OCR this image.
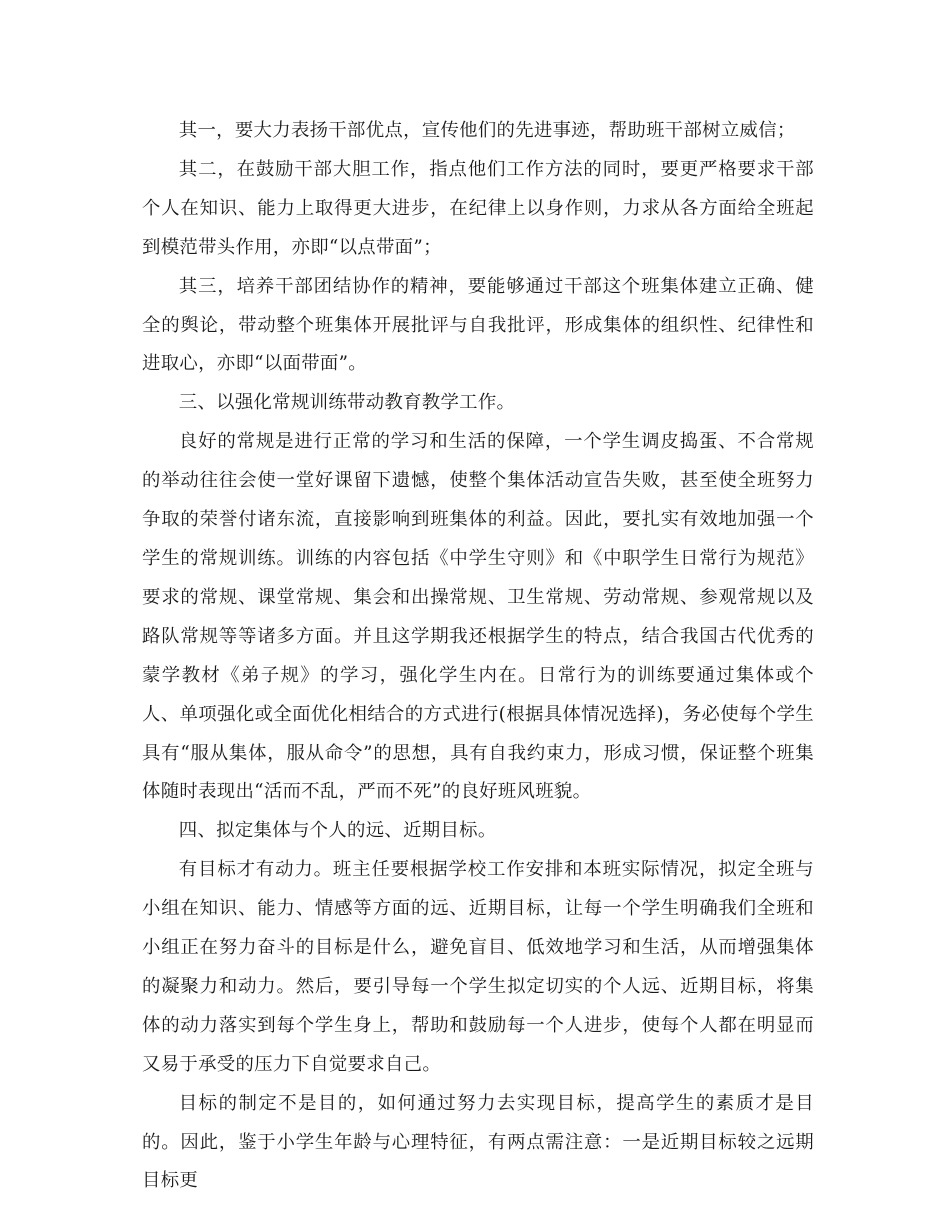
其一，要大力表扬干部优点，宣传他们的先进事迹，帮助班干部树立威信；

其二，在鼓励干部大胆工作，指点他们工作方法的同时，要更严格要求干部个人在知识、能力上取得更大进步，在纪律上以身作则，力求从各方面给全班起到模范带头作用，亦即“以点带面”；

其三，培养干部团结协作的精神，要能够通过干部这个班集体建立正确、健全的舆论，带动整个班集体开展批评与自我批评，形成集体的组织性、纪律性和进取心，亦即“以面带面”。

三、以强化常规训练带动教育教学工作。

良好的常规是进行正常的学习和生活的保障，一个学生调皮捣蛋、不合常规的举动往往会使一堂好课留下遗憾，使整个集体活动宣告失败，甚至使全班努力争取的荣誉付诸东流，直接影响到班集体的利益。因此，要扎实有效地加强一个学生的常规训练。训练的内容包括《中学生守则》和《中职学生日常行为规范》要求的常规、课堂常规、集会和出操常规、卫生常规、劳动常规、参观常规以及路队常规等等诸多方面。并且这学期我还根据学生的特点，结合我国古代优秀的蒙学教材《弟子规》的学习，强化学生内在。日常行为的训练要通过集体或个人、单项强化或全面优化相结合的方式进行(根据具体情况选择)，务必使每个学生具有“服从集体，服从命令”的思想，具有自我约束力，形成习惯，保证整个班集体随时表现出“活而不乱，严而不死”的良好班风班貌。

四、拟定集体与个人的远、近期目标。

有目标才有动力。班主任要根据学校工作安排和本班实际情况，拟定全班与小组在知识、能力、情感等方面的远、近期目标，让每一个学生明确我们全班和小组正在努力奋斗的目标是什么，避免盲目、低效地学习和生活，从而增强集体的凝聚力和动力。然后，要引导每一个学生拟定切实的个人远、近期目标，将集体的动力落实到每个学生身上，帮助和鼓励每一个人进步，使每个人都在明显而又易于承受的压力下自觉要求自己。

目标的制定不是目的，如何通过努力去实现目标，提高学生的素质才是目的。因此，鉴于小学生年龄与心理特征，有两点需注意：一是近期目标较之远期目标更
